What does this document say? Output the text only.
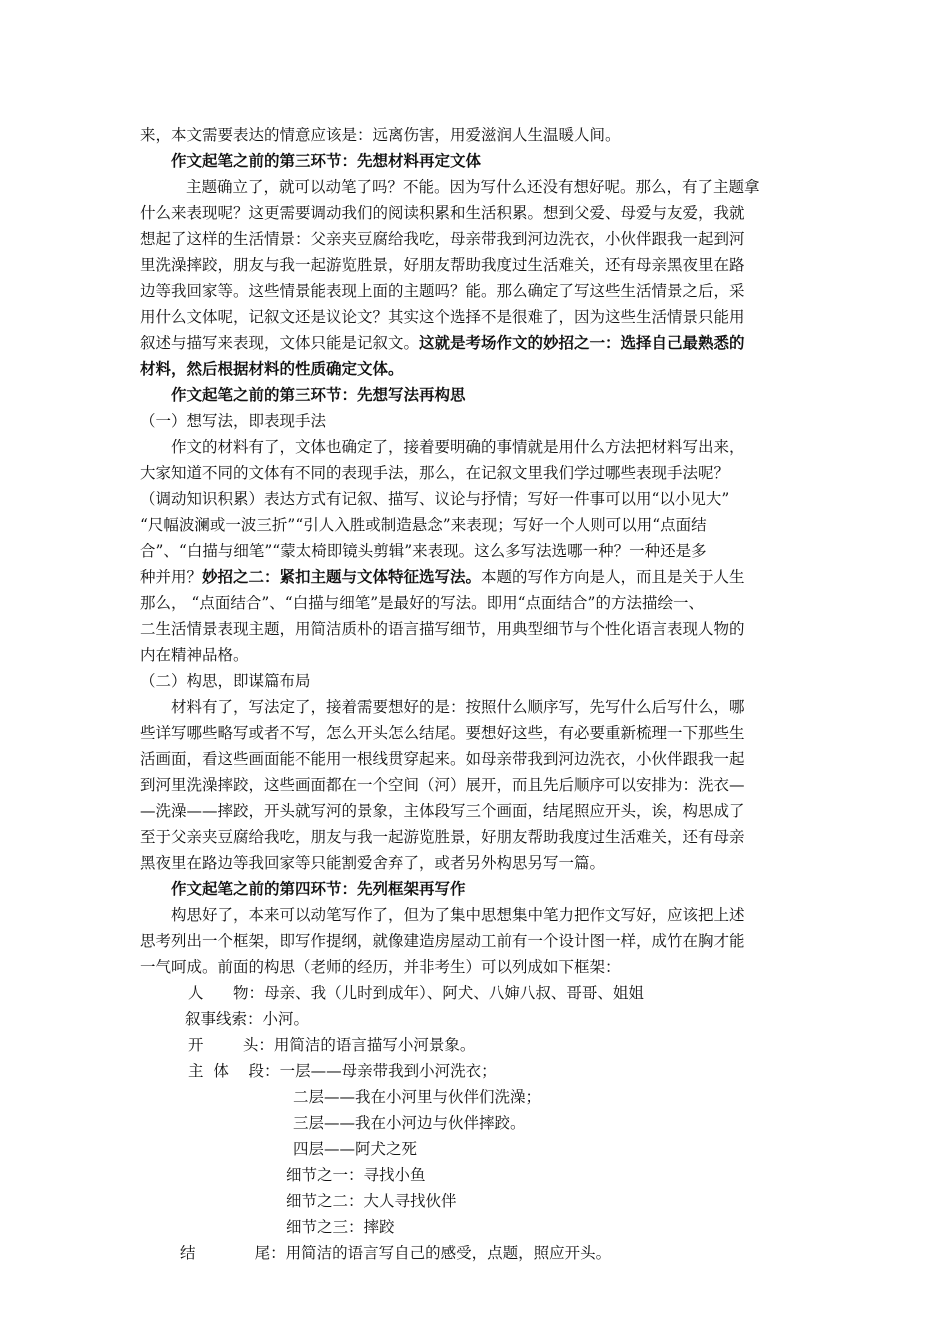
来，本文需要表达的情意应该是：远离伤害，用爱滋润人生温暖人间。
作文起笔之前的第三环节：先想材料再定文体
主题确立了，就可以动笔了吗？不能。因为写什么还没有想好呢。那么，有了主题拿
什么来表现呢？这更需要调动我们的阅读积累和生活积累。想到父爱、母爱与友爱，我就
想起了这样的生活情景：父亲夹豆腐给我吃，母亲带我到河边洗衣，小伙伴跟我一起到河
里洗澡摔跤，朋友与我一起游览胜景，好朋友帮助我度过生活难关，还有母亲黑夜里在路
边等我回家等。这些情景能表现上面的主题吗？能。那么确定了写这些生活情景之后，采
用什么文体呢，记叙文还是议论文？其实这个选择不是很难了，因为这些生活情景只能用
叙述与描写来表现，文体只能是记叙文。这就是考场作文的妙招之一：选择自己最熟悉的
材料，然后根据材料的性质确定文体。
作文起笔之前的第三环节：先想写法再构思
（一）想写法，即表现手法
作文的材料有了，文体也确定了，接着要明确的事情就是用什么方法把材料写出来，
大家知道不同的文体有不同的表现手法，那么，在记叙文里我们学过哪些表现手法呢？
（调动知识积累）表达方式有记叙、描写、议论与抒情；写好一件事可以用“以小见大”
“尺幅波澜或一波三折”“引人入胜或制造悬念”来表现；写好一个人则可以用“点面结
合”、“白描与细笔”“蒙太椅即镜头剪辑”来表现。这么多写法选哪一种？一种还是多
种并用？妙招之二：紧扣主题与文体特征选写法。本题的写作方向是人，而且是关于人生
那么， “点面结合”、“白描与细笔”是最好的写法。即用“点面结合”的方法描绘一、
二生活情景表现主题，用简洁质朴的语言描写细节，用典型细节与个性化语言表现人物的
内在精神品格。
（二）构思，即谋篇布局
材料有了，写法定了，接着需要想好的是：按照什么顺序写，先写什么后写什么，哪
些详写哪些略写或者不写，怎么开头怎么结尾。要想好这些，有必要重新梳理一下那些生
活画面，看这些画面能不能用一根线贯穿起来。如母亲带我到河边洗衣，小伙伴跟我一起
到河里洗澡摔跤，这些画面都在一个空间（河）展开，而且先后顺序可以安排为：洗衣—
—洗澡——摔跤，开头就写河的景象，主体段写三个画面，结尾照应开头，诶，构思成了
至于父亲夹豆腐给我吃，朋友与我一起游览胜景，好朋友帮助我度过生活难关，还有母亲
黑夜里在路边等我回家等只能割爱舍弃了，或者另外构思另写一篇。
作文起笔之前的第四环节：先列框架再写作
构思好了，本来可以动笔写作了，但为了集中思想集中笔力把作文写好，应该把上述
思考列出一个框架，即写作提纲，就像建造房屋动工前有一个设计图一样，成竹在胸才能
一气呵成。前面的构思（老师的经历，并非考生）可以列成如下框架：
人      物：母亲、我（儿时到成年）、阿犬、八婶八叔、哥哥、姐姐
叙事线索：小河。
开        头：用简洁的语言描写小河景象。
主  体    段：一层——母亲带我到小河洗衣；
二层——我在小河里与伙伴们洗澡；
三层——我在小河边与伙伴摔跤。
四层——阿犬之死
细节之一：寻找小鱼
细节之二：大人寻找伙伴
细节之三：摔跤
结            尾：用简洁的语言写自己的感受，点题，照应开头。
